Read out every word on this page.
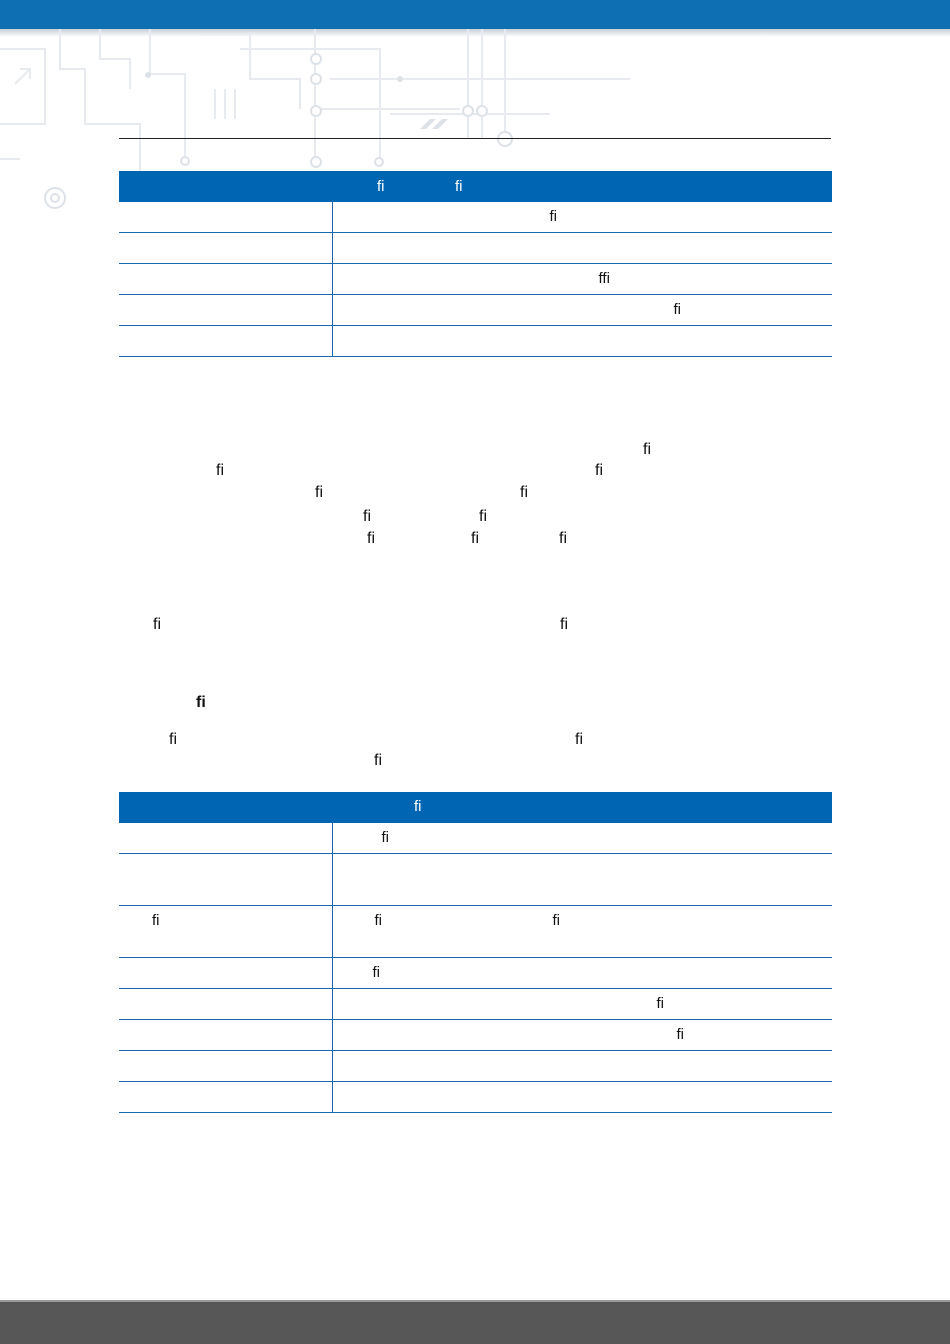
	fi fi

	fi

	ffi

	fi

fi
fi	fi
fi	fi
fi	fi
fi	fi	fi
fi	fi
fi
fi	fi
fi

	fi

	fi

fi	fi fi

	fi

	fi

	fi
